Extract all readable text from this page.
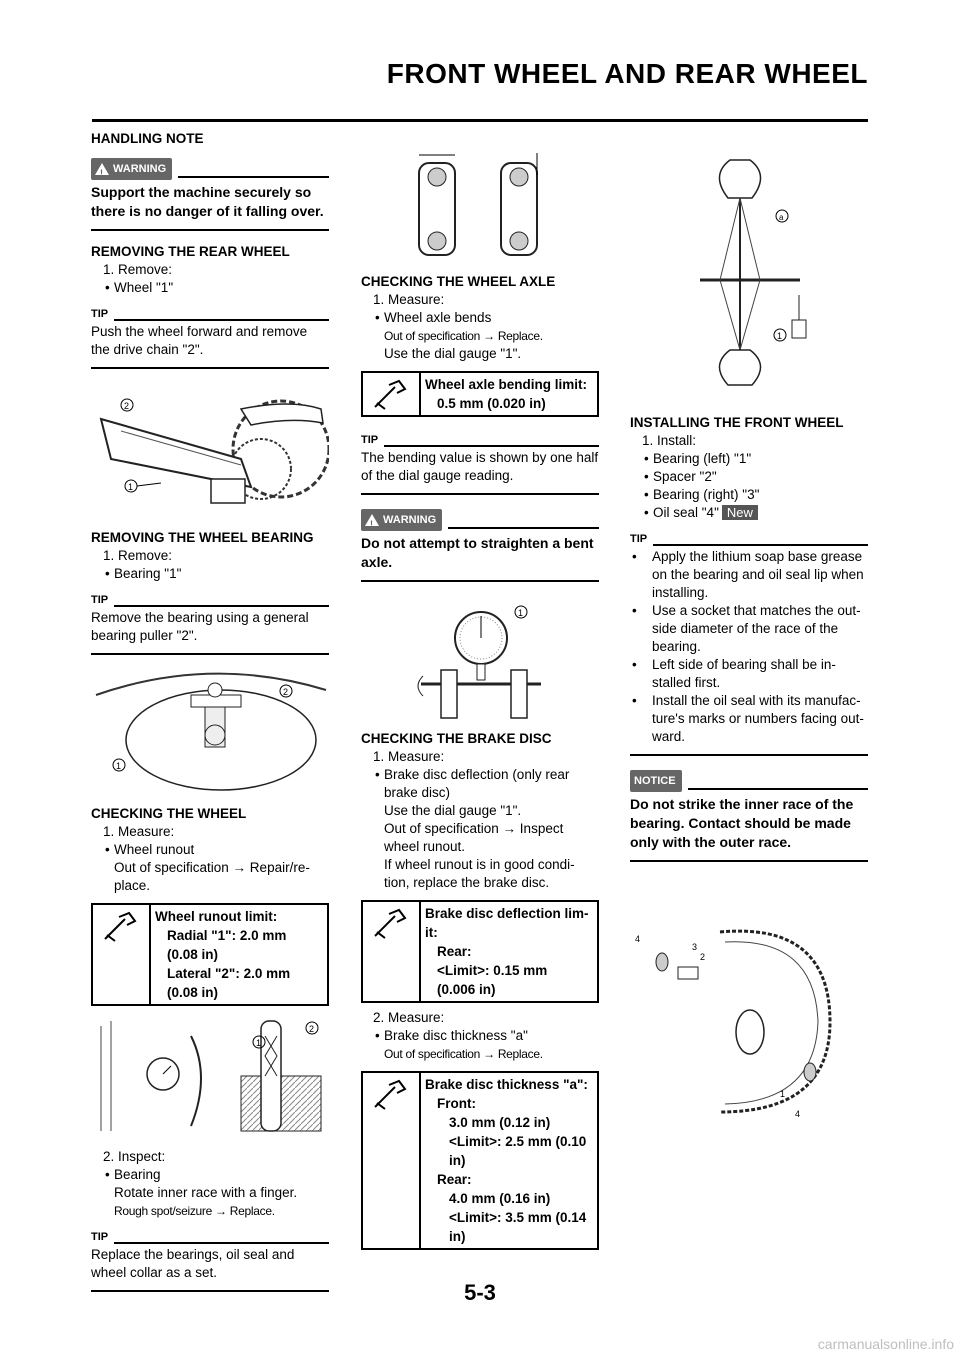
FRONT WHEEL AND REAR WHEEL
HANDLING NOTE
!
WARNING
Support the machine securely so there is no danger of it falling over.
REMOVING THE REAR WHEEL
1. Remove:
• Wheel "1"
TIP
Push the wheel forward and remove the drive chain "2".
2
1
REMOVING THE WHEEL BEARING
1. Remove:
• Bearing "1"
TIP
Remove the bearing using a general bearing puller "2".
2
1
CHECKING THE WHEEL
1. Measure:
• Wheel runout
Out of specification → Repair/re-place.
Wheel runout limit:
Radial "1": 2.0 mm
(0.08 in)
Lateral "2": 2.0 mm
(0.08 in)
1
2
2. Inspect:
• Bearing
Rotate inner race with a finger.
Rough spot/seizure → Replace.
TIP
Replace the bearings, oil seal and wheel collar as a set.
CHECKING THE WHEEL AXLE
1. Measure:
• Wheel axle bends
Out of specification → Replace.
Use the dial gauge "1".
Wheel axle bending limit:
0.5 mm (0.020 in)
TIP
The bending value is shown by one half of the dial gauge reading.
!
WARNING
Do not attempt to straighten a bent axle.
1
CHECKING THE BRAKE DISC
1. Measure:
• Brake disc deflection (only rear brake disc)
Use the dial gauge "1".
Out of specification → Inspect wheel runout.
If wheel runout is in good condi-tion, replace the brake disc.
Brake disc deflection lim-it:
Rear:
<Limit>: 0.15 mm
(0.006 in)
2. Measure:
• Brake disc thickness "a"
Out of specification → Replace.
Brake disc thickness "a":
Front:
3.0 mm (0.12 in)
<Limit>: 2.5 mm (0.10
in)
Rear:
4.0 mm (0.16 in)
<Limit>: 3.5 mm (0.14
in)
a
1
INSTALLING THE FRONT WHEEL
1. Install:
• Bearing (left) "1"
• Spacer "2"
• Bearing (right) "3"
• Oil seal "4" New
TIP
• Apply the lithium soap base grease on the bearing and oil seal lip when installing.
• Use a socket that matches the out-side diameter of the race of the bearing.
• Left side of bearing shall be in-stalled first.
• Install the oil seal with its manufac-ture's marks or numbers facing out-ward.
NOTICE
Do not strike the inner race of the bearing. Contact should be made only with the outer race.
3
2
4
1
4
5-3
carmanualsonline.info
